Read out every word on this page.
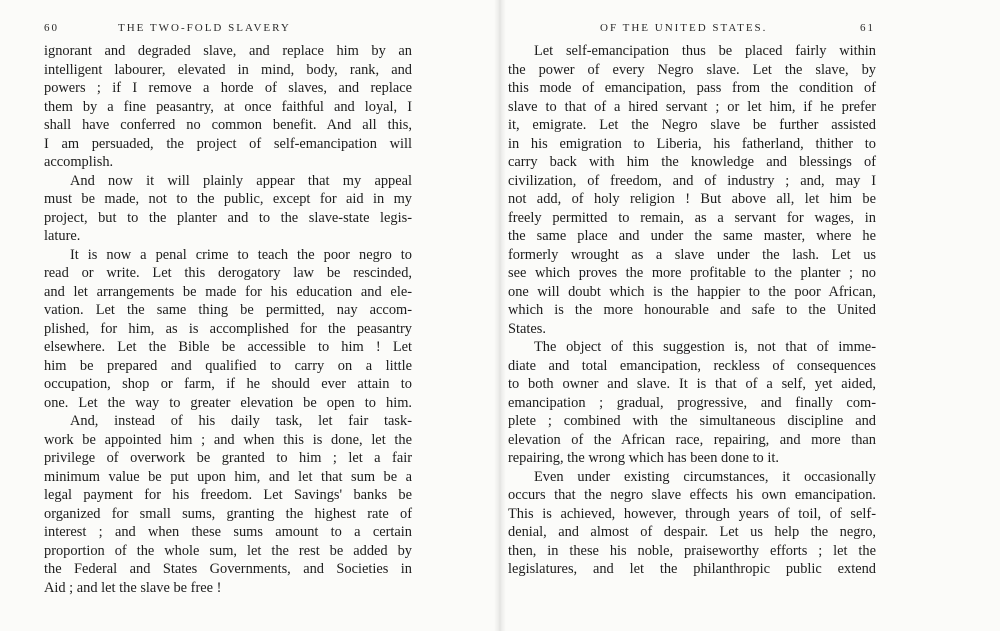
60	THE TWO-FOLD SLAVERY
ignorant and degraded slave, and replace him by an
intelligent labourer, elevated in mind, body, rank, and
powers ; if I remove a horde of slaves, and replace
them by a fine peasantry, at once faithful and loyal, I
shall have conferred no common benefit. And all this,
I am persuaded, the project of self-emancipation will
accomplish.
And now it will plainly appear that my appeal
must be made, not to the public, except for aid in my
project, but to the planter and to the slave-state legis-
lature.
It is now a penal crime to teach the poor negro to
read or write. Let this derogatory law be rescinded,
and let arrangements be made for his education and ele-
vation. Let the same thing be permitted, nay accom-
plished, for him, as is accomplished for the peasantry
elsewhere. Let the Bible be accessible to him ! Let
him be prepared and qualified to carry on a little
occupation, shop or farm, if he should ever attain to
one. Let the way to greater elevation be open to him.
And, instead of his daily task, let fair task-
work be appointed him ; and when this is done, let the
privilege of overwork be granted to him ; let a fair
minimum value be put upon him, and let that sum be a
legal payment for his freedom. Let Savings' banks be
organized for small sums, granting the highest rate of
interest ; and when these sums amount to a certain
proportion of the whole sum, let the rest be added by
the Federal and States Governments, and Societies in
Aid ; and let the slave be free !
OF THE UNITED STATES.	61
Let self-emancipation thus be placed fairly within
the power of every Negro slave. Let the slave, by
this mode of emancipation, pass from the condition of
slave to that of a hired servant ; or let him, if he prefer
it, emigrate. Let the Negro slave be further assisted
in his emigration to Liberia, his fatherland, thither to
carry back with him the knowledge and blessings of
civilization, of freedom, and of industry ; and, may I
not add, of holy religion ! But above all, let him be
freely permitted to remain, as a servant for wages, in
the same place and under the same master, where he
formerly wrought as a slave under the lash. Let us
see which proves the more profitable to the planter ; no
one will doubt which is the happier to the poor African,
which is the more honourable and safe to the United
States.
The object of this suggestion is, not that of imme-
diate and total emancipation, reckless of consequences
to both owner and slave. It is that of a self, yet aided,
emancipation ; gradual, progressive, and finally com-
plete ; combined with the simultaneous discipline and
elevation of the African race, repairing, and more than
repairing, the wrong which has been done to it.
Even under existing circumstances, it occasionally
occurs that the negro slave effects his own emancipation.
This is achieved, however, through years of toil, of self-
denial, and almost of despair. Let us help the negro,
then, in these his noble, praiseworthy efforts ; let the
legislatures, and let the philanthropic public extend
